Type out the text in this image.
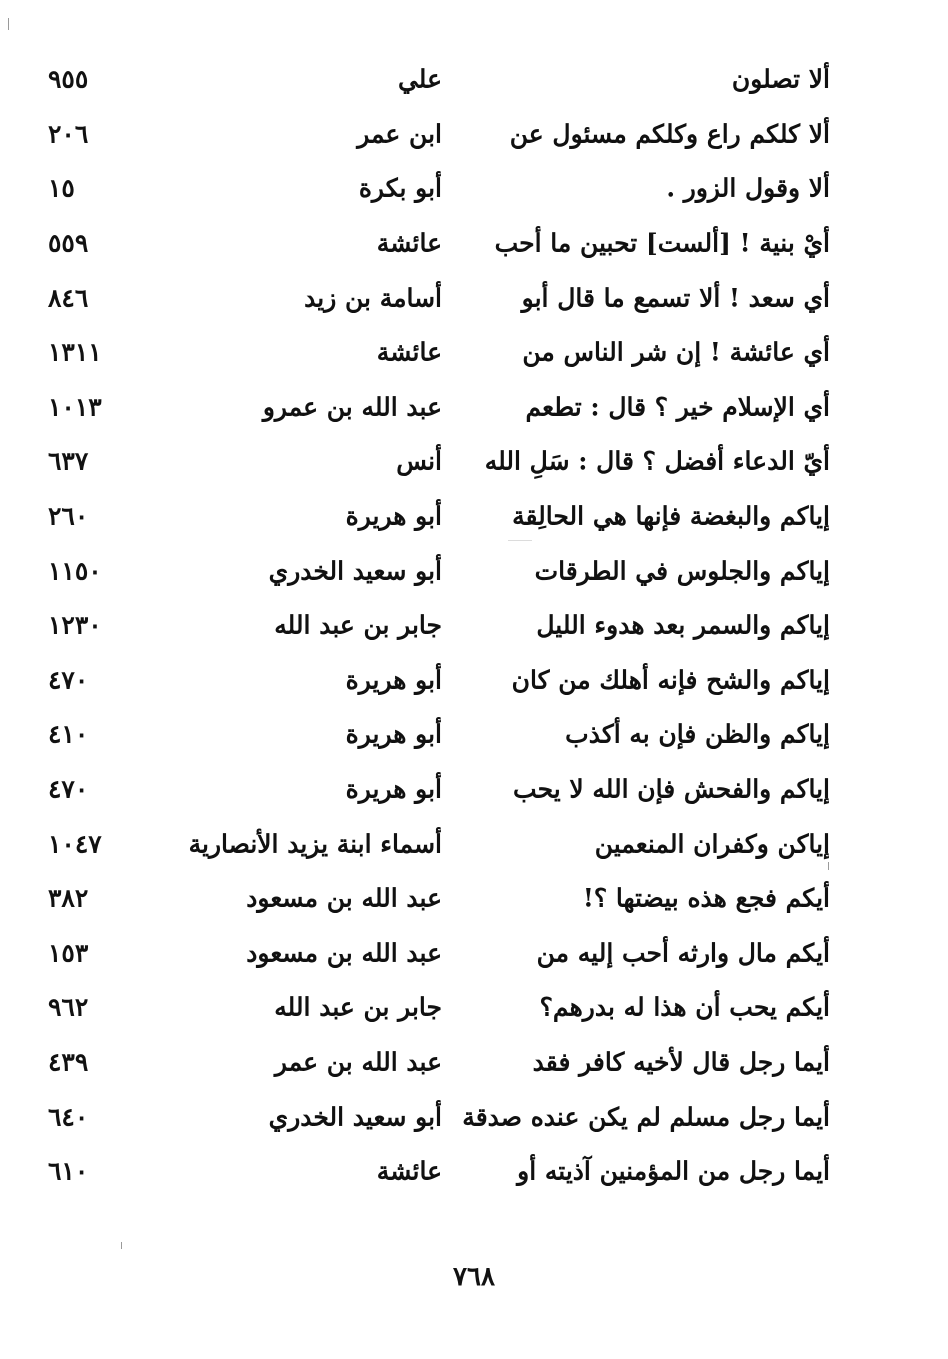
ألا تصلون
علي
٩٥٥
ألا كلكم راع وكلكم مسئول عن
ابن عمر
٢٠٦
ألا وقول الزور .
أبو بكرة
١٥
أيْ بنية ! [ألست] تحبين ما أحب
عائشة
٥٥٩
أي سعد ! ألا تسمع ما قال أبو
أسامة بن زيد
٨٤٦
أي عائشة ! إن شر الناس من
عائشة
١٣١١
أي الإسلام خير ؟ قال : تطعم
عبد الله بن عمرو
١٠١٣
أيّ الدعاء أفضل ؟ قال : سَلِ الله
أنس
٦٣٧
إياكم والبغضة فإنها هي الحالِقة
أبو هريرة
٢٦٠
إياكم والجلوس في الطرقات
أبو سعيد الخدري
١١٥٠
إياكم والسمر بعد هدوء الليل
جابر بن عبد الله
١٢٣٠
إياكم والشح فإنه أهلك من كان
أبو هريرة
٤٧٠
إياكم والظن فإن به أكذب
أبو هريرة
٤١٠
إياكم والفحش فإن الله لا يحب
أبو هريرة
٤٧٠
إياكن وكفران المنعمين
أسماء ابنة يزيد الأنصارية
١٠٤٧
أيكم فجع هذه بيضتها ؟!
عبد الله بن مسعود
٣٨٢
أيكم مال وارثه أحب إليه من
عبد الله بن مسعود
١٥٣
أيكم يحب أن هذا له بدرهم؟
جابر بن عبد الله
٩٦٢
أيما رجل قال لأخيه كافر فقد
عبد الله بن عمر
٤٣٩
أيما رجل مسلم لم يكن عنده صدقة
أبو سعيد الخدري
٦٤٠
أيما رجل من المؤمنين آذيته أو
عائشة
٦١٠
٧٦٨
